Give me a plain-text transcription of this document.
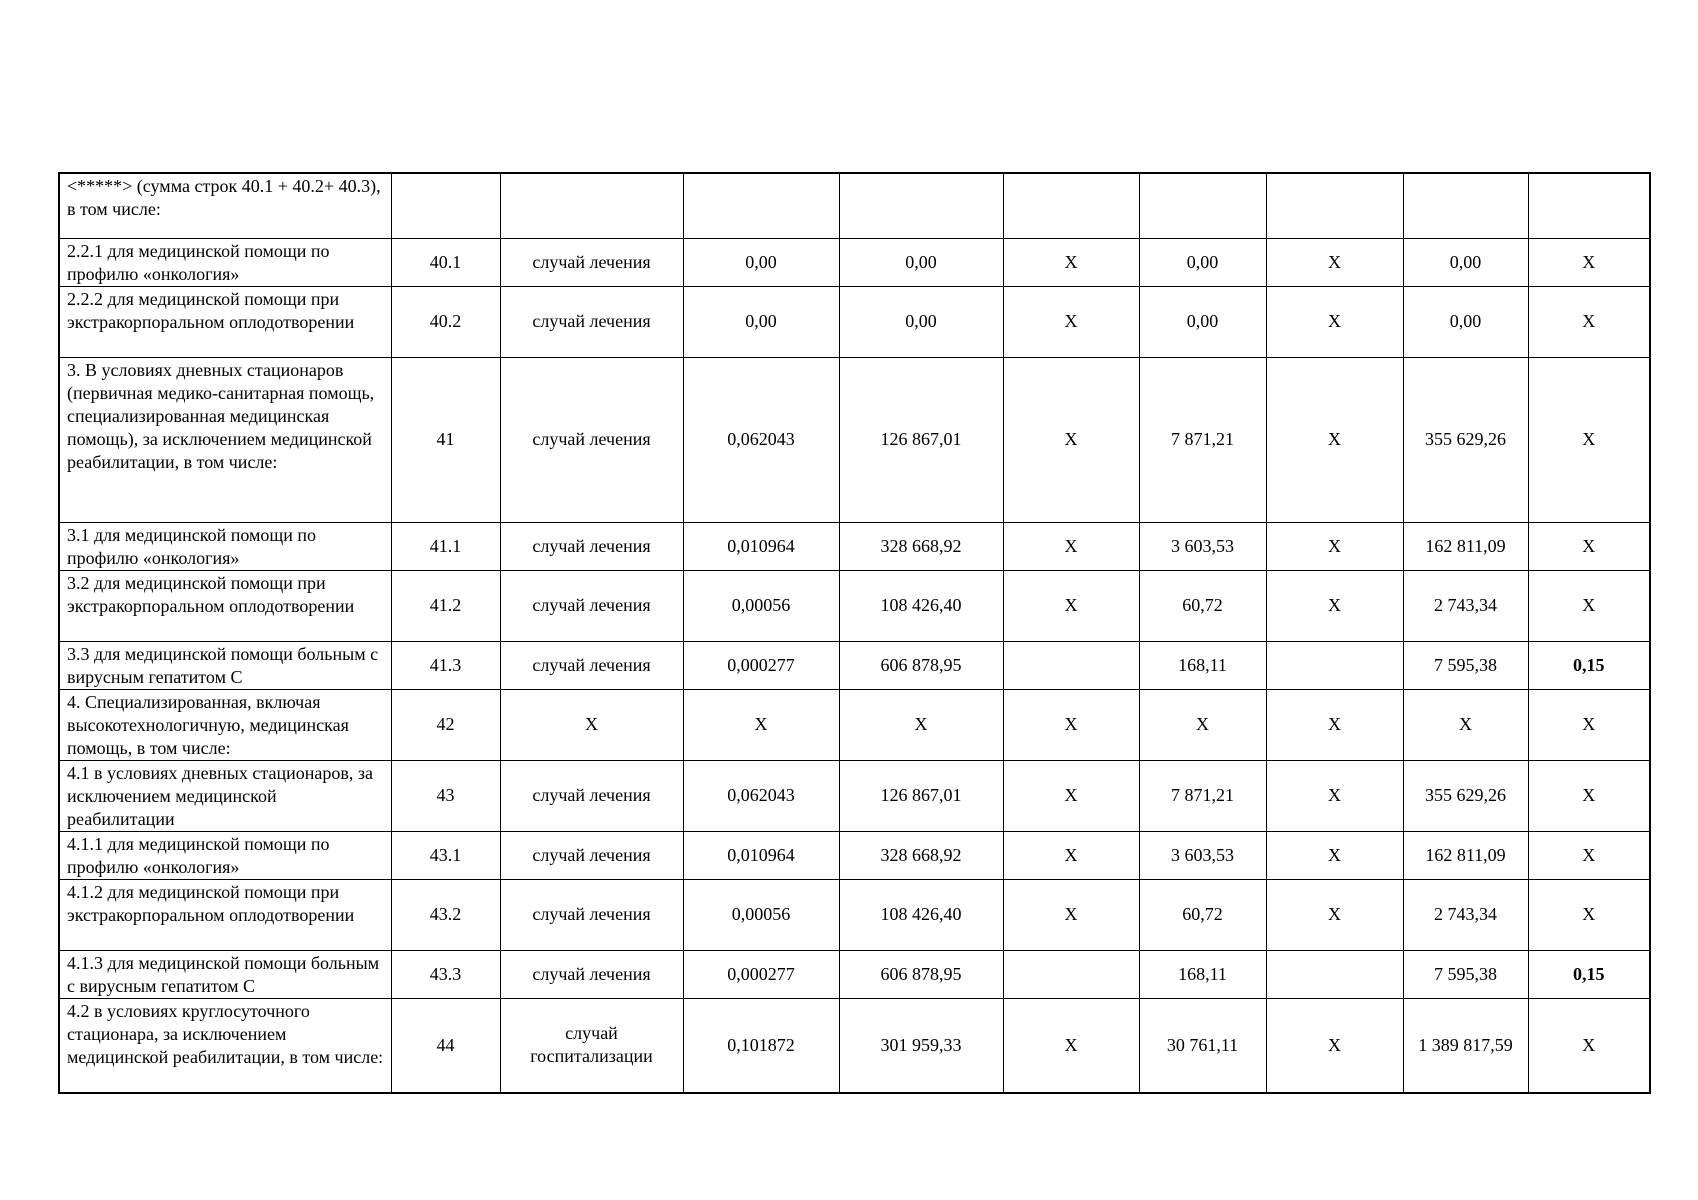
<*****> (сумма строк 40.1 + 40.2+ 40.3), в том числе:									
2.2.1 для медицинской помощи по профилю «онкология»	40.1	случай лечения	0,00	0,00	Х	0,00	Х	0,00	Х
2.2.2 для медицинской помощи при экстракорпоральном оплодотворении	40.2	случай лечения	0,00	0,00	Х	0,00	Х	0,00	Х
3. В условиях дневных стационаров (первичная медико-санитарная помощь, специализированная медицинская помощь), за исключением медицинской реабилитации, в том числе:	41	случай лечения	0,062043	126 867,01	Х	7 871,21	Х	355 629,26	Х
3.1 для медицинской помощи по профилю «онкология»	41.1	случай лечения	0,010964	328 668,92	Х	3 603,53	Х	162 811,09	Х
3.2 для медицинской помощи при экстракорпоральном оплодотворении	41.2	случай лечения	0,00056	108 426,40	Х	60,72	Х	2 743,34	Х
3.3 для медицинской помощи больным с вирусным гепатитом С	41.3	случай лечения	0,000277	606 878,95		168,11		7 595,38	0,15
4. Специализированная, включая высокотехнологичную, медицинская помощь, в том числе:	42	Х	Х	Х	Х	Х	Х	Х	Х
4.1 в условиях дневных стационаров, за исключением медицинской реабилитации	43	случай лечения	0,062043	126 867,01	Х	7 871,21	Х	355 629,26	Х
4.1.1 для медицинской помощи по профилю «онкология»	43.1	случай лечения	0,010964	328 668,92	Х	3 603,53	Х	162 811,09	Х
4.1.2 для медицинской помощи при экстракорпоральном оплодотворении	43.2	случай лечения	0,00056	108 426,40	Х	60,72	Х	2 743,34	Х
4.1.3 для медицинской помощи больным с вирусным гепатитом С	43.3	случай лечения	0,000277	606 878,95		168,11		7 595,38	0,15
4.2 в условиях круглосуточного стационара, за исключением медицинской реабилитации, в том числе:	44	случай госпитализации	0,101872	301 959,33	Х	30 761,11	Х	1 389 817,59	Х
